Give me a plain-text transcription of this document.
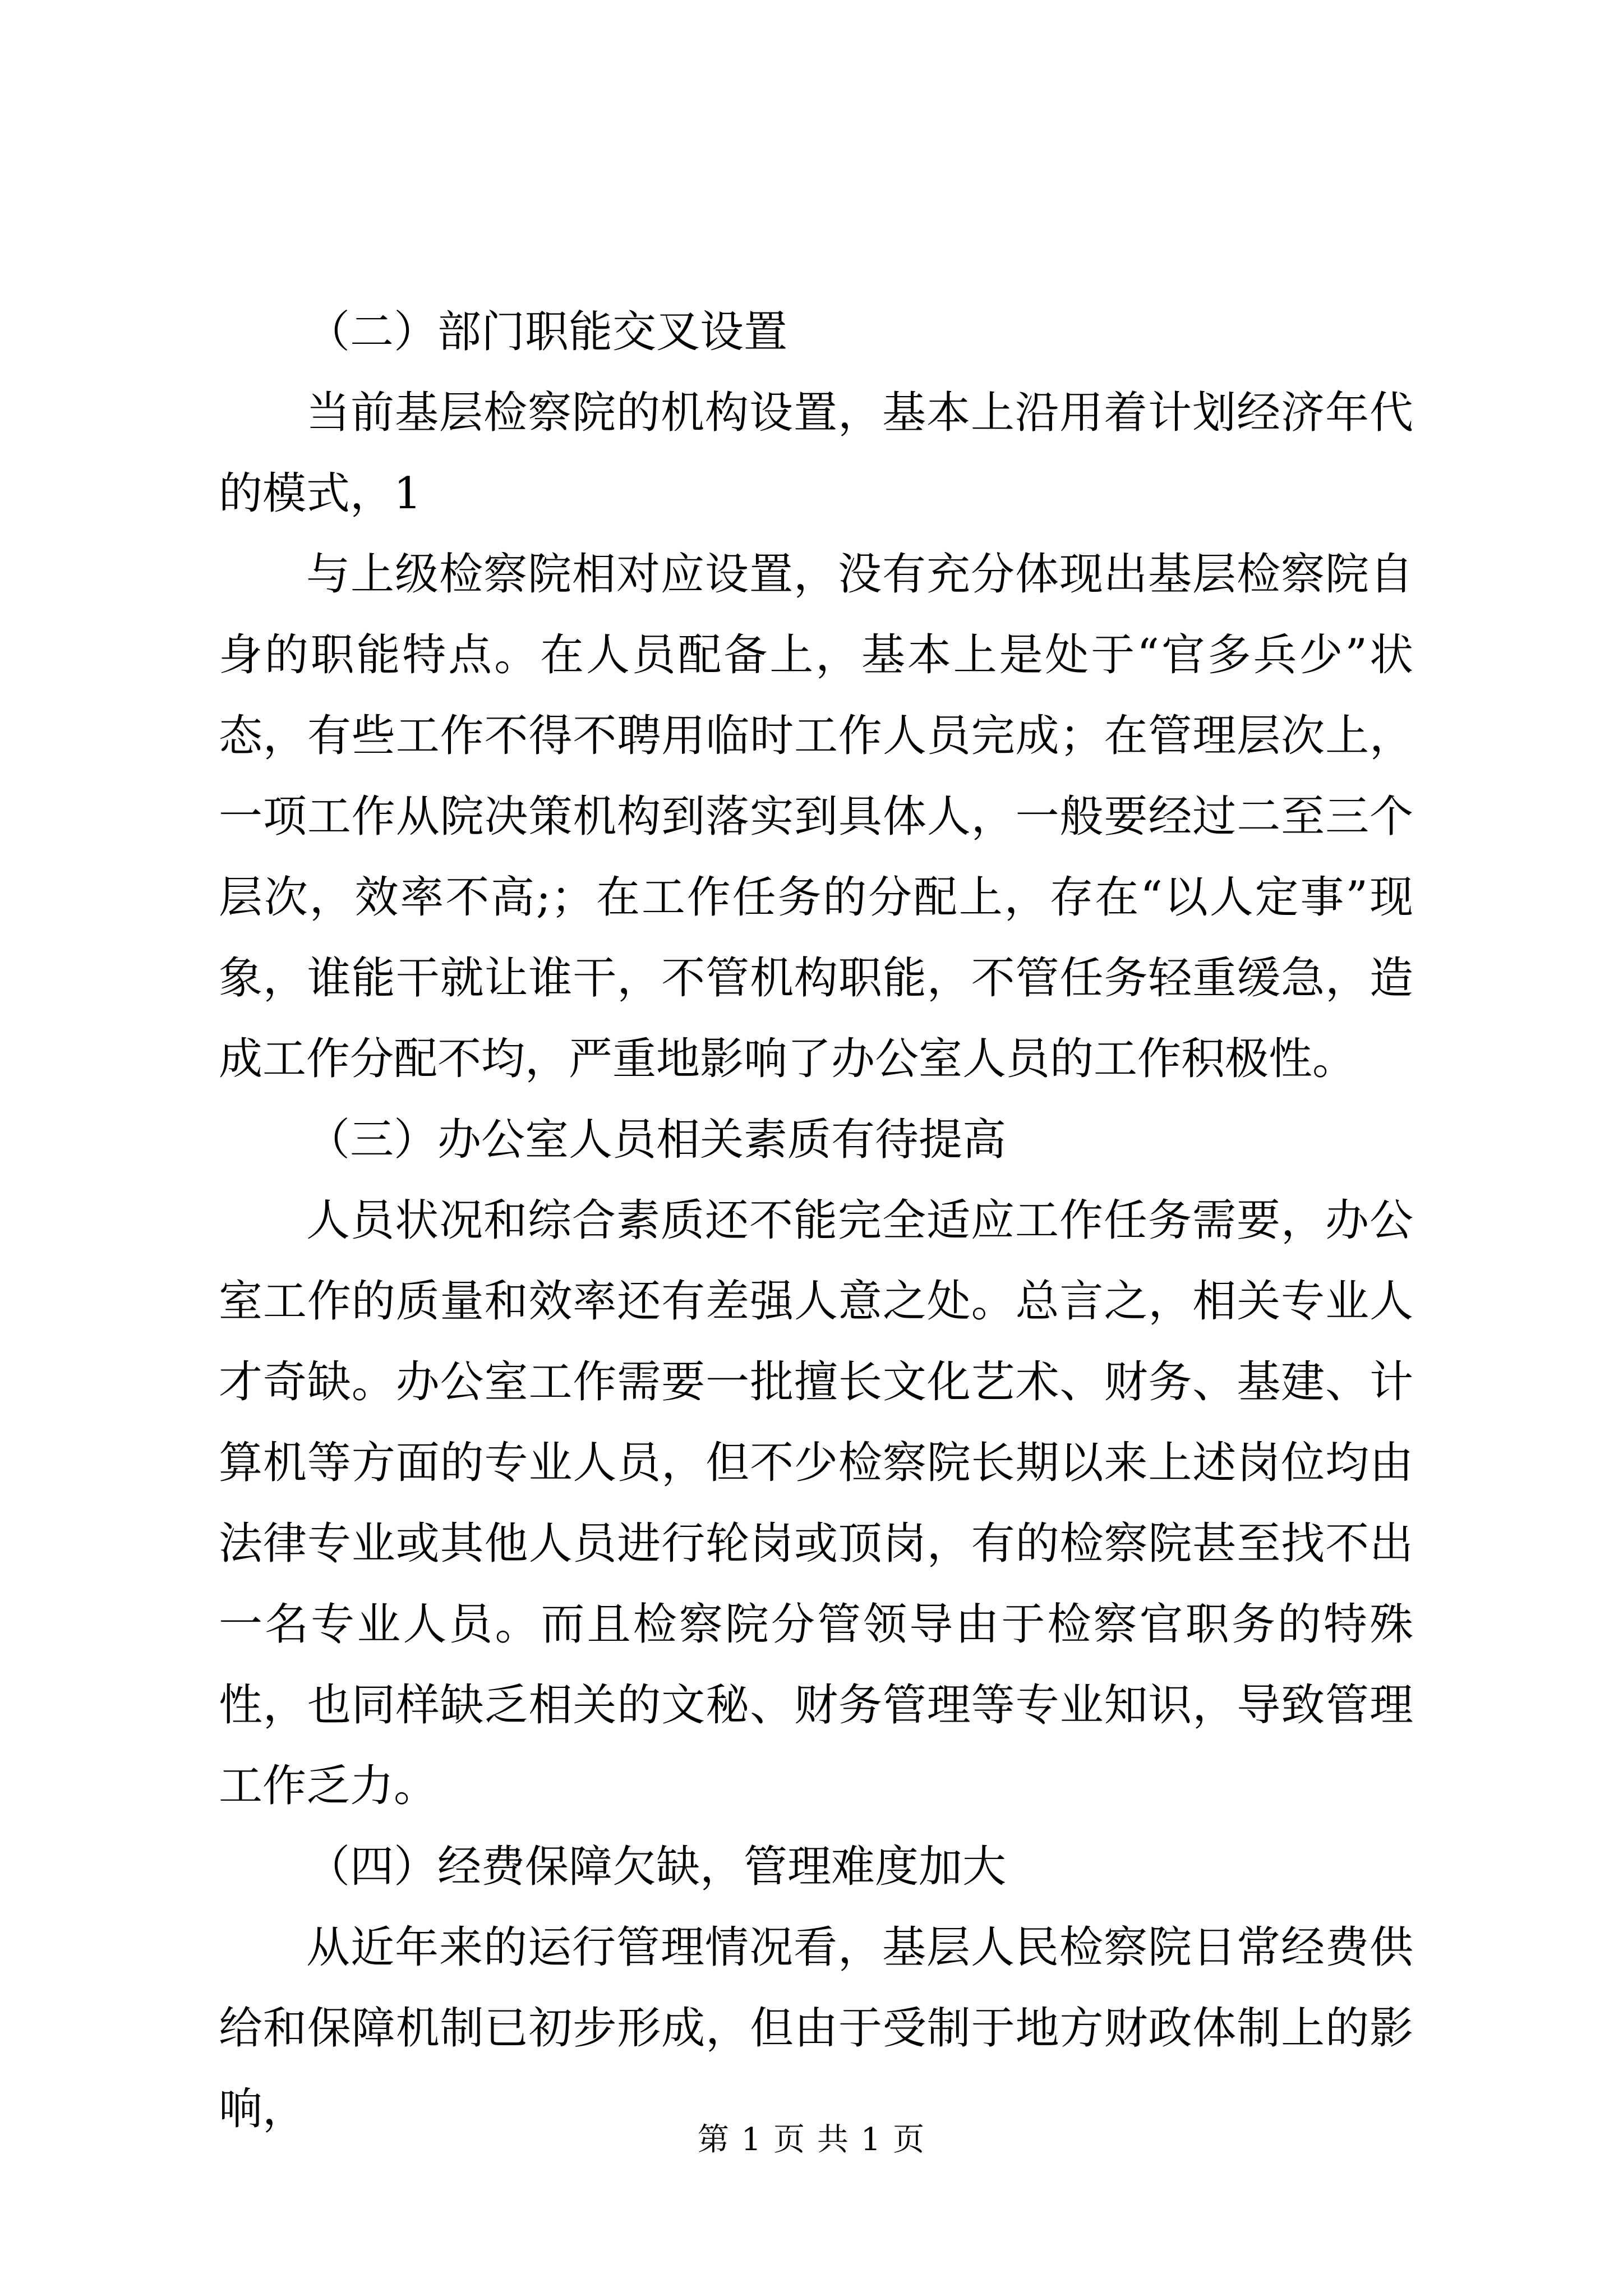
（二）部门职能交叉设置

当前基层检察院的机构设置，基本上沿用着计划经济年代的模式，1

与上级检察院相对应设置，没有充分体现出基层检察院自身的职能特点。在人员配备上，基本上是处于“官多兵少”状态，有些工作不得不聘用临时工作人员完成；在管理层次上，一项工作从院决策机构到落实到具体人，一般要经过二至三个层次，效率不高;；在工作任务的分配上，存在“以人定事”现象，谁能干就让谁干，不管机构职能，不管任务轻重缓急，造成工作分配不均，严重地影响了办公室人员的工作积极性。

（三）办公室人员相关素质有待提高

人员状况和综合素质还不能完全适应工作任务需要，办公室工作的质量和效率还有差强人意之处。总言之，相关专业人才奇缺。办公室工作需要一批擅长文化艺术、财务、基建、计算机等方面的专业人员，但不少检察院长期以来上述岗位均由法律专业或其他人员进行轮岗或顶岗，有的检察院甚至找不出一名专业人员。而且检察院分管领导由于检察官职务的特殊性，也同样缺乏相关的文秘、财务管理等专业知识，导致管理工作乏力。

（四）经费保障欠缺，管理难度加大

从近年来的运行管理情况看，基层人民检察院日常经费供给和保障机制已初步形成，但由于受制于地方财政体制上的影响，

第 1 页 共 1 页
